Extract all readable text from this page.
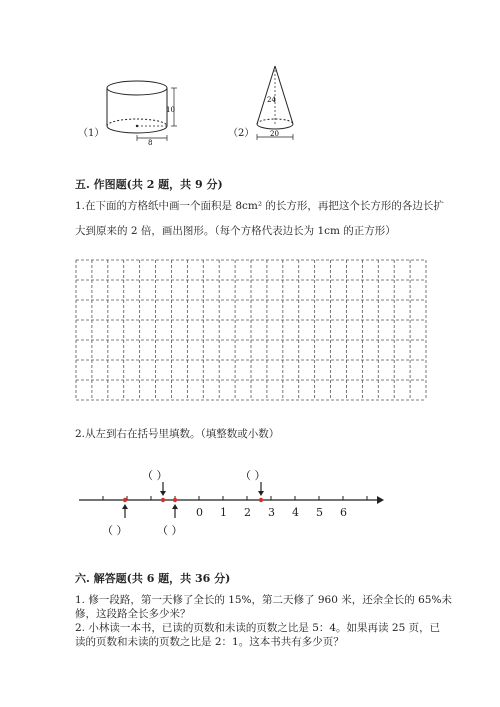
（1）
10
8
（2）
24
20
五. 作图题(共 2 题，共 9 分)
1.在下面的方格纸中画一个面积是 8cm² 的长方形，再把这个长方形的各边长扩
大到原来的 2 倍，画出图形。（每个方格代表边长为 1cm 的正方形）
2.从左到右在括号里填数。（填整数或小数）
0 1 2 3 4 5 6
（ ）	（ ）
（ ）	（ ）
六. 解答题(共 6 题，共 36 分)
1. 修一段路，第一天修了全长的 15%，第二天修了 960 米，还余全长的 65%未
修，这段路全长多少米？
2. 小林读一本书，已读的页数和未读的页数之比是 5：4。如果再读 25 页，已
读的页数和未读的页数之比是 2：1。这本书共有多少页？
